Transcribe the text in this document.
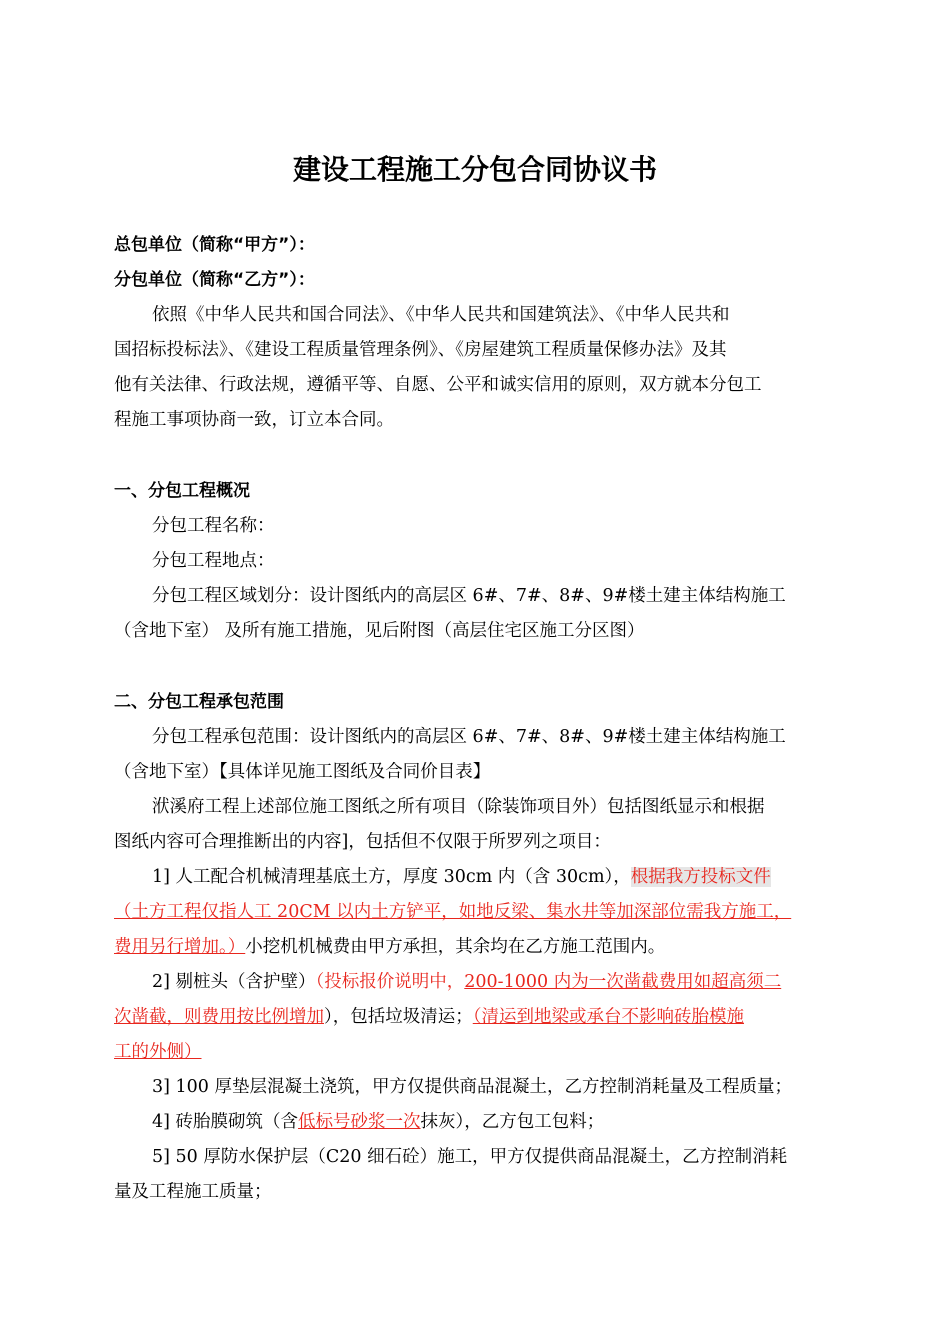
建设工程施工分包合同协议书
总包单位（简称“甲方”）：
分包单位（简称“乙方”）：
依照《中华人民共和国合同法》、《中华人民共和国建筑法》、《中华人民共和
国招标投标法》、《建设工程质量管理条例》、《房屋建筑工程质量保修办法》及其
他有关法律、行政法规，遵循平等、自愿、公平和诚实信用的原则，双方就本分包工
程施工事项协商一致，订立本合同。
一、分包工程概况
分包工程名称：
分包工程地点：
分包工程区域划分：设计图纸内的高层区 6#、7#、8#、9#楼土建主体结构施工
（含地下室） 及所有施工措施，见后附图（高层住宅区施工分区图）
二、分包工程承包范围
分包工程承包范围：设计图纸内的高层区 6#、7#、8#、9#楼土建主体结构施工
（含地下室）【具体详见施工图纸及合同价目表】
洑溪府工程上述部位施工图纸之所有项目（除装饰项目外）包括图纸显示和根据
图纸内容可合理推断出的内容]，包括但不仅限于所罗列之项目：
1] 人工配合机械清理基底土方，厚度 30cm 内（含 30cm），根据我方投标文件
（土方工程仅指人工 20CM 以内土方铲平，如地反梁、集水井等加深部位需我方施工，
费用另行增加。）小挖机机械费由甲方承担，其余均在乙方施工范围内。
2] 剔桩头（含护壁）（投标报价说明中，200-1000 内为一次凿截费用如超高须二
次凿截，则费用按比例增加），包括垃圾清运；（清运到地梁或承台不影响砖胎模施
工的外侧）
3] 100 厚垫层混凝土浇筑，甲方仅提供商品混凝土，乙方控制消耗量及工程质量；
4] 砖胎膜砌筑（含低标号砂浆一次抹灰），乙方包工包料；
5] 50 厚防水保护层（C20 细石砼）施工，甲方仅提供商品混凝土，乙方控制消耗
量及工程施工质量；
